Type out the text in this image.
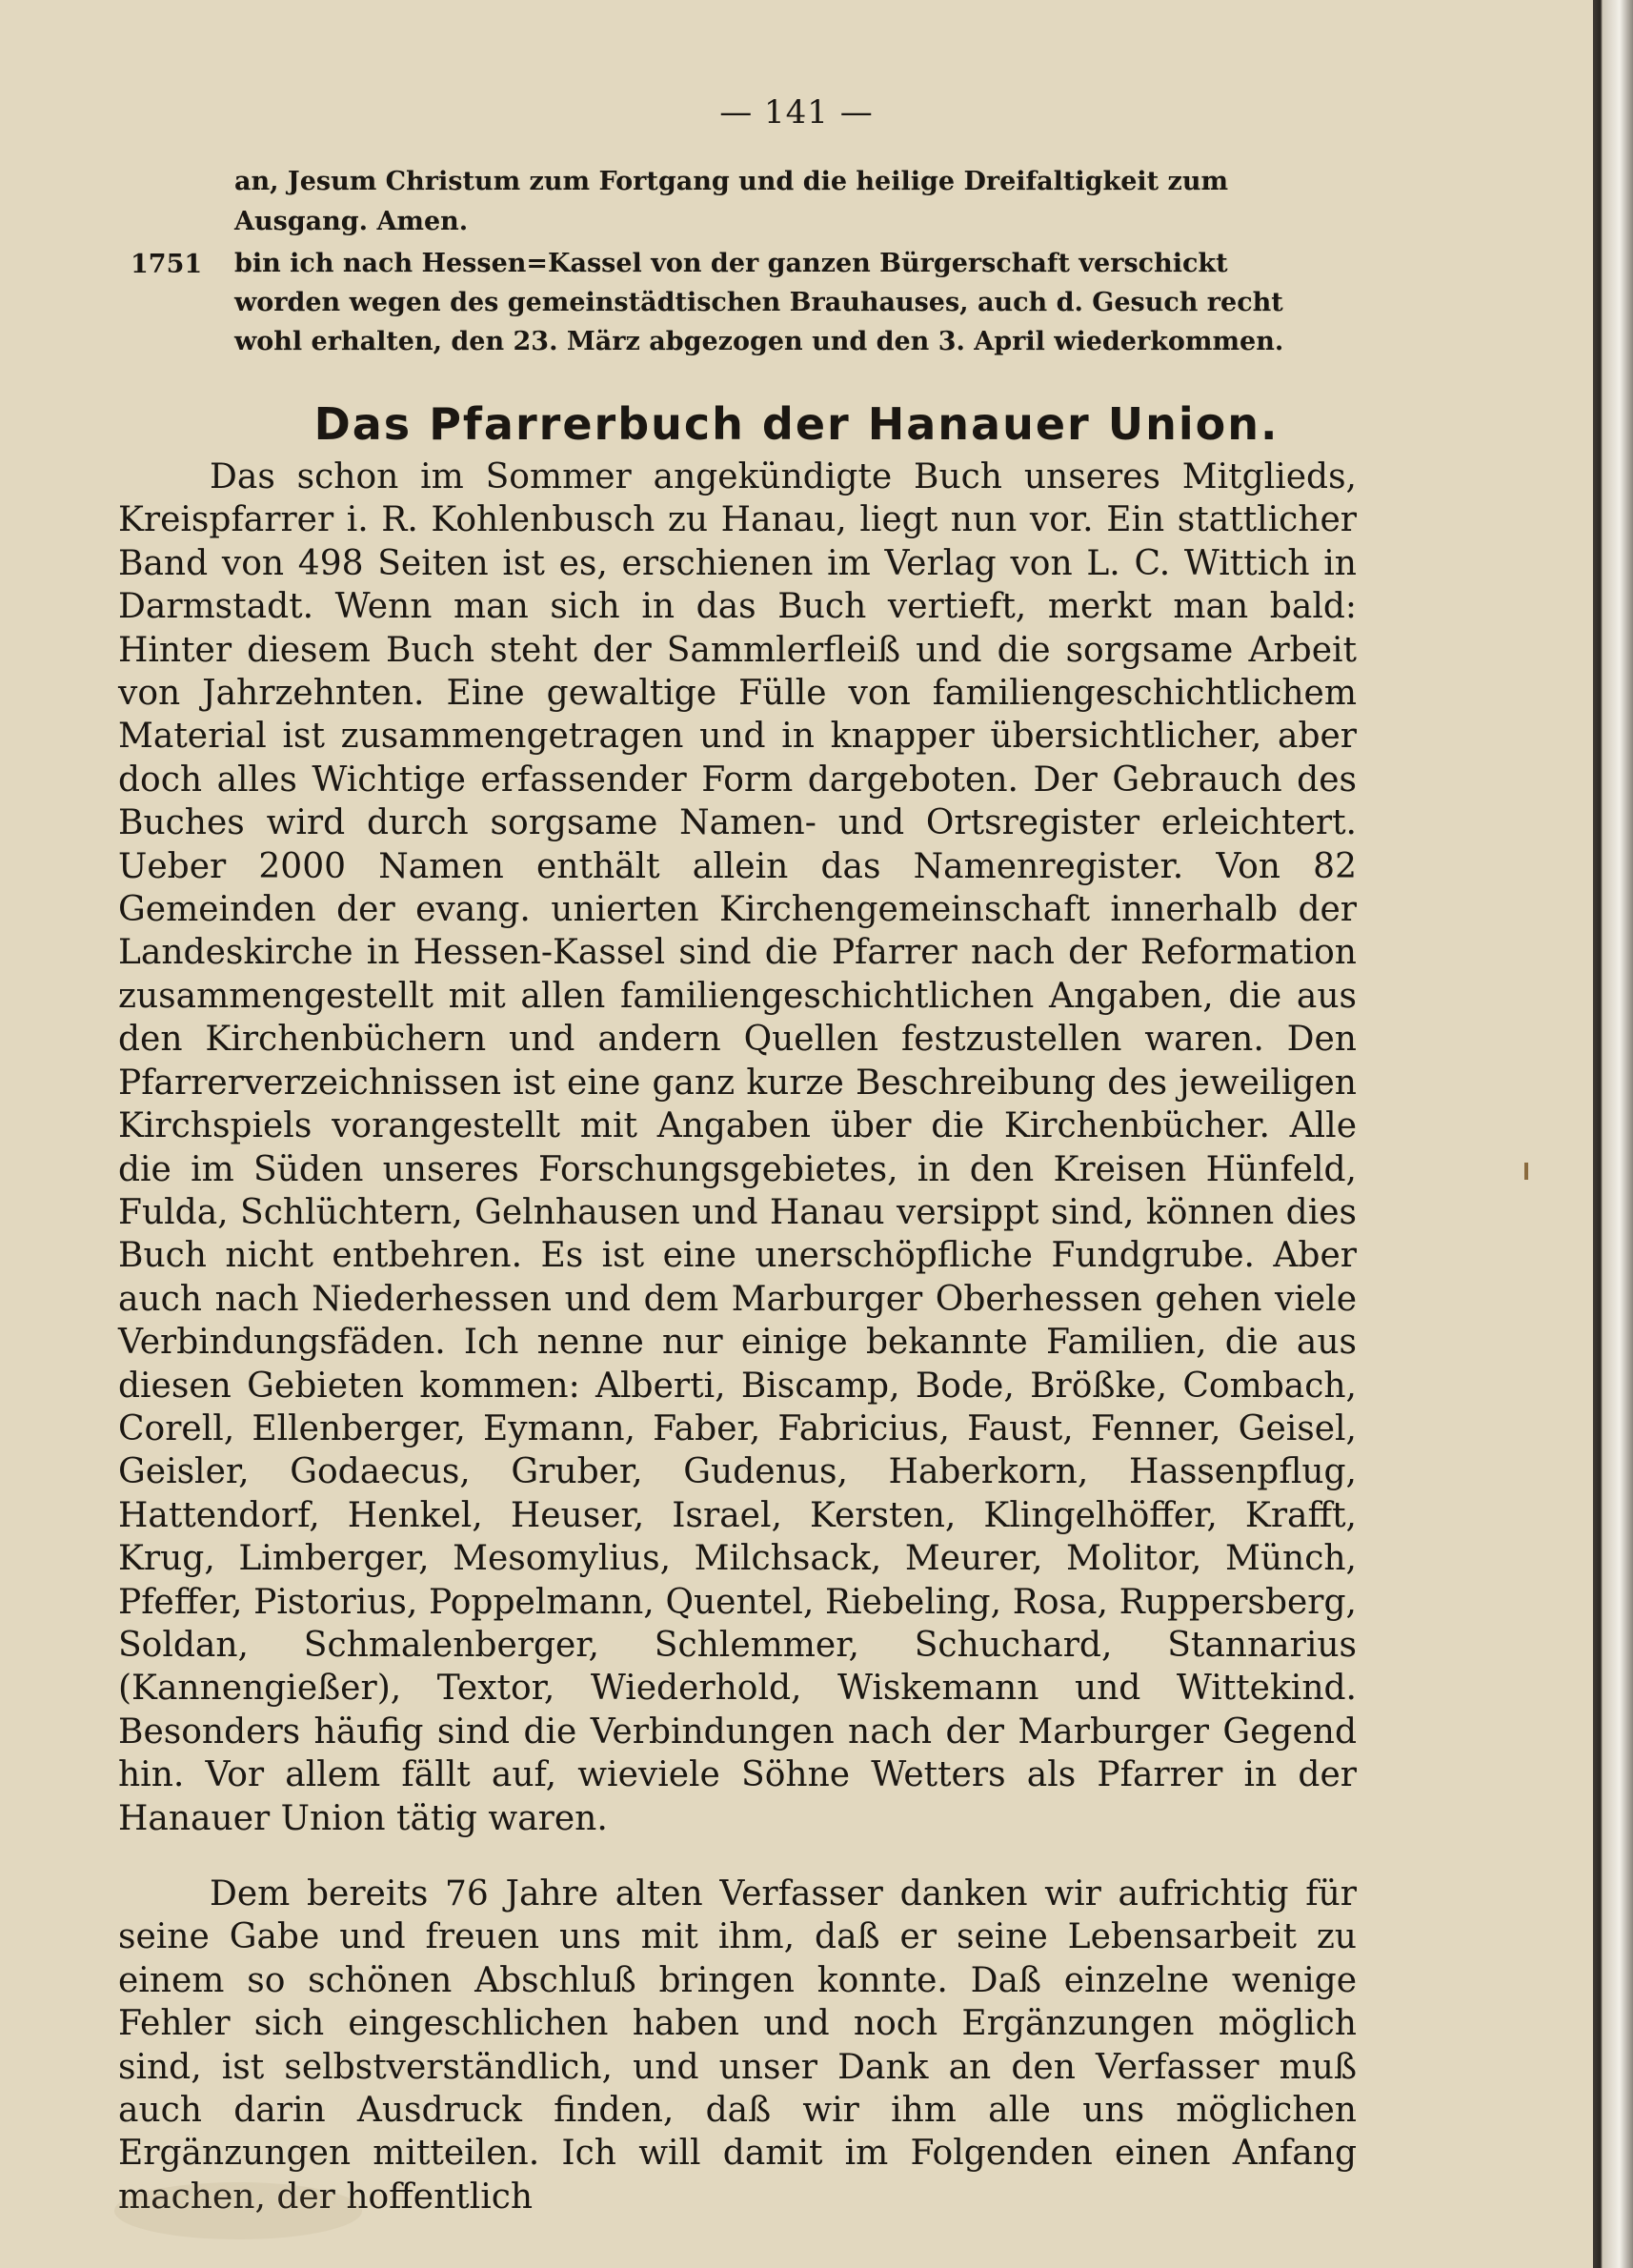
— 141 —
an, Jesum Christum zum Fortgang und die heilige Dreifaltigkeit zum Ausgang. Amen.
1751 bin ich nach Hessen=Kassel von der ganzen Bürgerschaft verschickt worden wegen des gemeinstädtischen Brauhauses, auch d. Gesuch recht wohl erhalten, den 23. März abgezogen und den 3. April wiederkommen.
Das Pfarrerbuch der Hanauer Union.

Das schon im Sommer angekündigte Buch unseres Mitglieds, Kreispfarrer i. R. Kohlenbusch zu Hanau, liegt nun vor. Ein stattlicher Band von 498 Seiten ist es, erschienen im Verlag von L. C. Wittich in Darmstadt. Wenn man sich in das Buch vertieft, merkt man bald: Hinter diesem Buch steht der Sammlerfleiß und die sorgsame Arbeit von Jahrzehnten. Eine gewaltige Fülle von familiengeschichtlichem Material ist zusammengetragen und in knapper übersichtlicher, aber doch alles Wichtige erfassender Form dargeboten. Der Gebrauch des Buches wird durch sorgsame Namen- und Ortsregister erleichtert. Ueber 2000 Namen enthält allein das Namenregister. Von 82 Gemeinden der evang. unierten Kirchengemeinschaft innerhalb der Landeskirche in Hessen-Kassel sind die Pfarrer nach der Reformation zusammengestellt mit allen familiengeschichtlichen Angaben, die aus den Kirchenbüchern und andern Quellen festzustellen waren. Den Pfarrerverzeichnissen ist eine ganz kurze Beschreibung des jeweiligen Kirchspiels vorangestellt mit Angaben über die Kirchenbücher. Alle die im Süden unseres Forschungsgebietes, in den Kreisen Hünfeld, Fulda, Schlüchtern, Gelnhausen und Hanau versippt sind, können dies Buch nicht entbehren. Es ist eine unerschöpfliche Fundgrube. Aber auch nach Niederhessen und dem Marburger Oberhessen gehen viele Verbindungsfäden. Ich nenne nur einige bekannte Familien, die aus diesen Gebieten kommen: Alberti, Biscamp, Bode, Brößke, Combach, Corell, Ellenberger, Eymann, Faber, Fabricius, Faust, Fenner, Geisel, Geisler, Godaecus, Gruber, Gudenus, Haberkorn, Hassenpflug, Hattendorf, Henkel, Heuser, Israel, Kersten, Klingelhöffer, Krafft, Krug, Limberger, Mesomylius, Milchsack, Meurer, Molitor, Münch, Pfeffer, Pistorius, Poppelmann, Quentel, Riebeling, Rosa, Ruppersberg, Soldan, Schmalenberger, Schlemmer, Schuchard, Stannarius (Kannengießer), Textor, Wiederhold, Wiskemann und Wittekind. Besonders häufig sind die Verbindungen nach der Marburger Gegend hin. Vor allem fällt auf, wieviele Söhne Wetters als Pfarrer in der Hanauer Union tätig waren.

Dem bereits 76 Jahre alten Verfasser danken wir aufrichtig für seine Gabe und freuen uns mit ihm, daß er seine Lebensarbeit zu einem so schönen Abschluß bringen konnte. Daß einzelne wenige Fehler sich eingeschlichen haben und noch Ergänzungen möglich sind, ist selbstverständlich, und unser Dank an den Verfasser muß auch darin Ausdruck finden, daß wir ihm alle uns möglichen Ergänzungen mitteilen. Ich will damit im Folgenden einen Anfang machen, der hoffentlich
